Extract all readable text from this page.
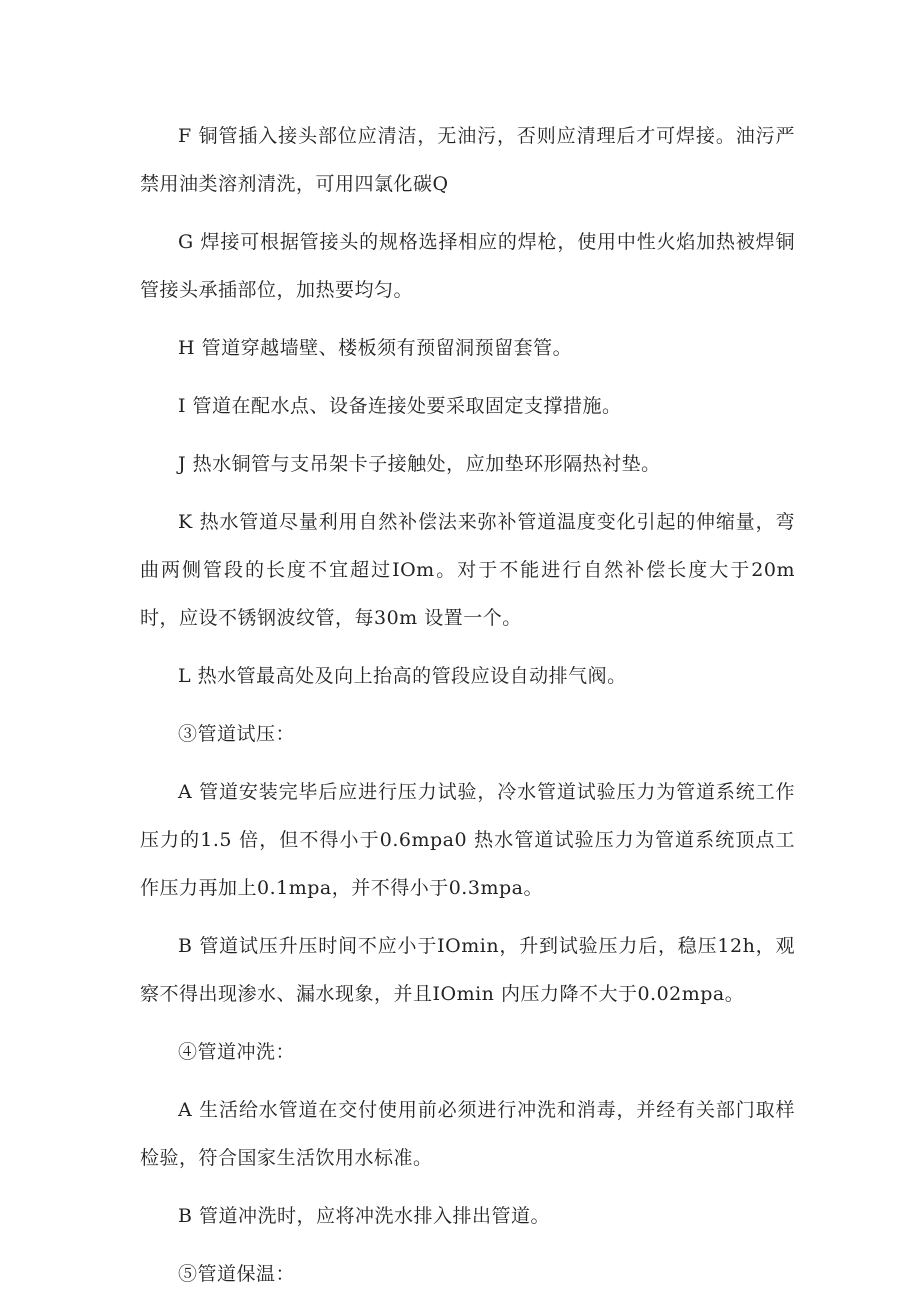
F 铜管插入接头部位应清洁，无油污，否则应清理后才可焊接。油污严禁用油类溶剂清洗，可用四氯化碳Q

G 焊接可根据管接头的规格选择相应的焊枪，使用中性火焰加热被焊铜管接头承插部位，加热要均匀。

H 管道穿越墙壁、楼板须有预留洞预留套管。

I 管道在配水点、设备连接处要采取固定支撑措施。

J 热水铜管与支吊架卡子接触处，应加垫环形隔热衬垫。

K 热水管道尽量利用自然补偿法来弥补管道温度变化引起的伸缩量，弯曲两侧管段的长度不宜超过IOm。对于不能进行自然补偿长度大于20m 时，应设不锈钢波纹管，每30m 设置一个。

L 热水管最高处及向上抬高的管段应设自动排气阀。

③管道试压：

A 管道安装完毕后应进行压力试验，冷水管道试验压力为管道系统工作压力的1.5 倍，但不得小于0.6mpa0 热水管道试验压力为管道系统顶点工作压力再加上0.1mpa，并不得小于0.3mpa。

B 管道试压升压时间不应小于IOmin，升到试验压力后，稳压12h，观察不得出现渗水、漏水现象，并且IOmin 内压力降不大于0.02mpa。

④管道冲洗：

A 生活给水管道在交付使用前必须进行冲洗和消毒，并经有关部门取样检验，符合国家生活饮用水标准。

B 管道冲洗时，应将冲洗水排入排出管道。

⑤管道保温：
